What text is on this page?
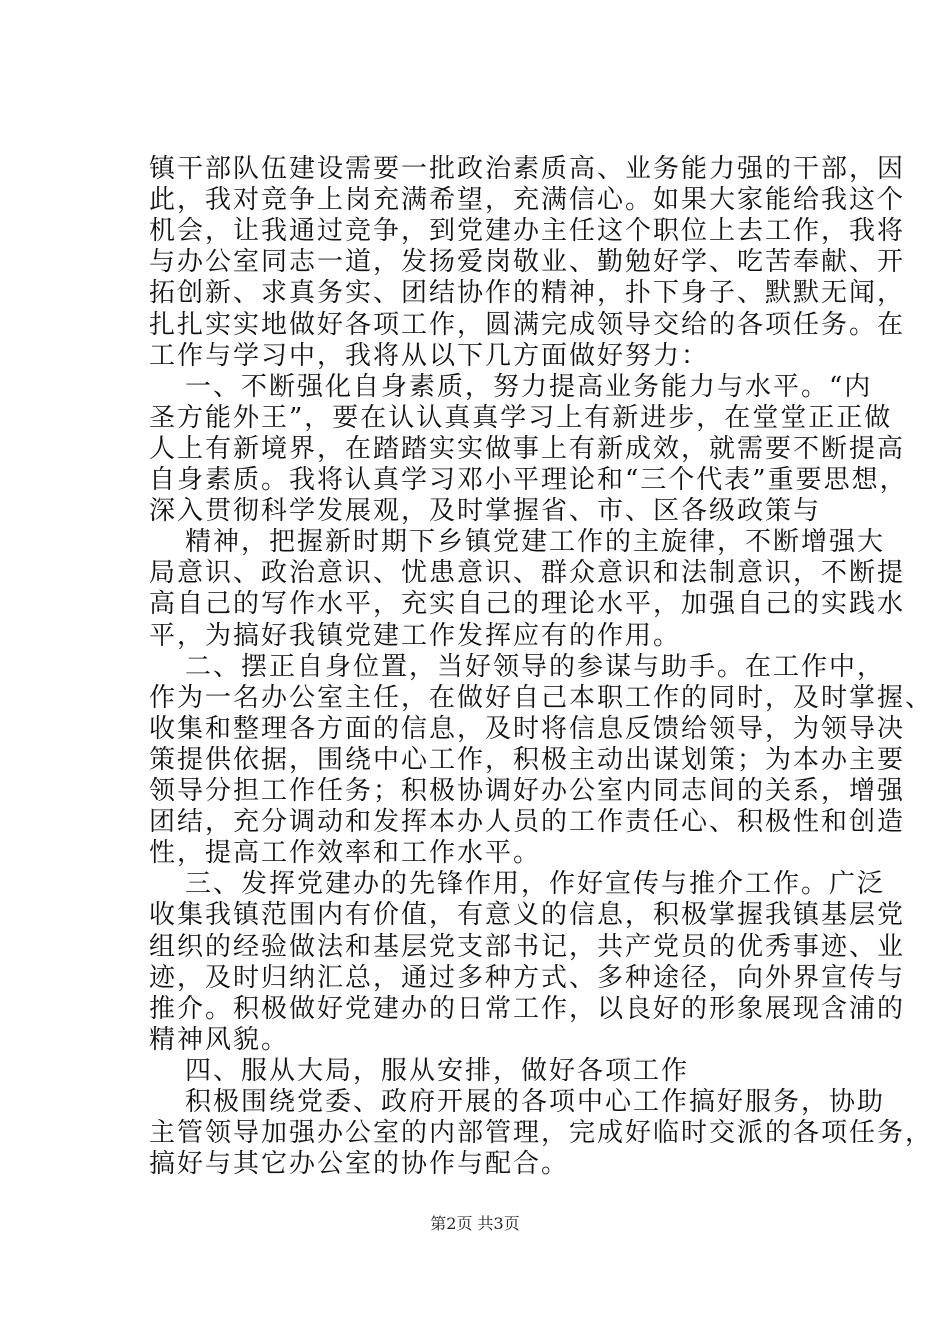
镇干部队伍建设需要一批政治素质高、业务能力强的干部，因
此，我对竞争上岗充满希望，充满信心。如果大家能给我这个
机会，让我通过竞争，到党建办主任这个职位上去工作，我将
与办公室同志一道，发扬爱岗敬业、勤勉好学、吃苦奉献、开
拓创新、求真务实、团结协作的精神，扑下身子、默默无闻，
扎扎实实地做好各项工作，圆满完成领导交给的各项任务。在
工作与学习中，我将从以下几方面做好努力：
一、不断强化自身素质，努力提高业务能力与水平。“内
圣方能外王”，要在认认真真学习上有新进步，在堂堂正正做
人上有新境界，在踏踏实实做事上有新成效，就需要不断提高
自身素质。我将认真学习邓小平理论和“三个代表”重要思想，
深入贯彻科学发展观，及时掌握省、市、区各级政策与
精神，把握新时期下乡镇党建工作的主旋律，不断增强大
局意识、政治意识、忧患意识、群众意识和法制意识，不断提
高自己的写作水平，充实自己的理论水平，加强自己的实践水
平，为搞好我镇党建工作发挥应有的作用。
二、摆正自身位置，当好领导的参谋与助手。在工作中，
作为一名办公室主任，在做好自己本职工作的同时，及时掌握、
收集和整理各方面的信息，及时将信息反馈给领导，为领导决
策提供依据，围绕中心工作，积极主动出谋划策；为本办主要
领导分担工作任务；积极协调好办公室内同志间的关系，增强
团结，充分调动和发挥本办人员的工作责任心、积极性和创造
性，提高工作效率和工作水平。
三、发挥党建办的先锋作用，作好宣传与推介工作。广泛
收集我镇范围内有价值，有意义的信息，积极掌握我镇基层党
组织的经验做法和基层党支部书记，共产党员的优秀事迹、业
迹，及时归纳汇总，通过多种方式、多种途径，向外界宣传与
推介。积极做好党建办的日常工作，以良好的形象展现含浦的
精神风貌。
四、服从大局，服从安排，做好各项工作
积极围绕党委、政府开展的各项中心工作搞好服务，协助
主管领导加强办公室的内部管理，完成好临时交派的各项任务，
搞好与其它办公室的协作与配合。
第2页 共3页
